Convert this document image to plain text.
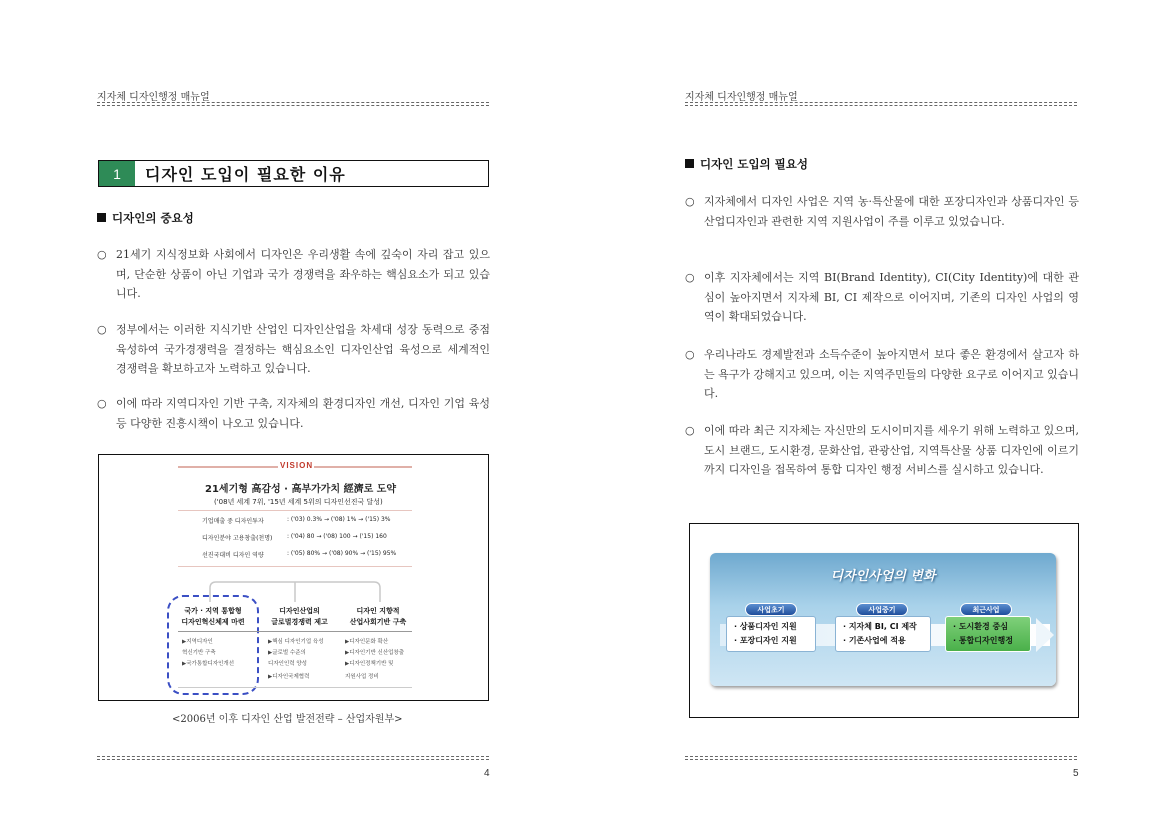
지자체 디자인행정 매뉴얼
1	디자인 도입이 필요한 이유
디자인의 중요성
○ 21세기 지식정보화 사회에서 디자인은 우리생활 속에 깊숙이 자리 잡고 있으며, 단순한 상품이 아닌 기업과 국가 경쟁력을 좌우하는 핵심요소가 되고 있습니다.
○ 정부에서는 이러한 지식기반 산업인 디자인산업을 차세대 성장 동력으로 중점 육성하여 국가경쟁력을 결정하는 핵심요소인 디자인산업 육성으로 세계적인 경쟁력을 확보하고자 노력하고 있습니다.
○ 이에 따라 지역디자인 기반 구축, 지자체의 환경디자인 개선, 디자인 기업 육성 등 다양한 진흥시책이 나오고 있습니다.
VISION
21세기형 高감성 · 高부가가치 經濟로 도약
('08년 세계 7위, '15년 세계 5위의 디자인선진국 달성)
기업매출 중 디자인투자	: ('03) 0.3% → ('08) 1% → ('15) 3%
디자인분야 고용창출(천명) : ('04) 80 → ('08) 100 → ('15) 160
선진국대비 디자인 역량	: ('05) 80% → ('08) 90% → ('15) 95%
국가 · 지역 통합형
디자인혁신체제 마련
디자인산업의
글로벌경쟁력 제고
디자인 지향적
산업사회기반 구축
▶지역디자인
혁신기반 구축
▶국가통합디자인개선
▶핵심 디자인기업 육성
▶글로벌 수준의
디자인인력 양성
▶디자인국제협력
▶디자인문화 확산
▶디자인기반 신산업창출
▶디자인정책기반 및
지원사업 정비
<2006년 이후 디자인 산업 발전전략 – 산업자원부>
4
지자체 디자인행정 매뉴얼
디자인 도입의 필요성
○ 지자체에서 디자인 사업은 지역 농·특산물에 대한 포장디자인과 상품디자인 등 산업디자인과 관련한 지역 지원사업이 주를 이루고 있었습니다.
○ 이후 지자체에서는 지역 BI(Brand Identity), CI(City Identity)에 대한 관심이 높아지면서 지자체 BI, CI 제작으로 이어지며, 기존의 디자인 사업의 영역이 확대되었습니다.
○ 우리나라도 경제발전과 소득수준이 높아지면서 보다 좋은 환경에서 살고자 하는 욕구가 강해지고 있으며, 이는 지역주민들의 다양한 요구로 이어지고 있습니다.
○ 이에 따라 최근 지자체는 자신만의 도시이미지를 세우기 위해 노력하고 있으며, 도시 브랜드, 도시환경, 문화산업, 관광산업, 지역특산물 상품 디자인에 이르기까지 디자인을 접목하여 통합 디자인 행정 서비스를 실시하고 있습니다.
5
디자인사업의 변화
사업초기
· 상품디자인 지원
· 포장디자인 지원
사업중기
· 지자체 BI, CI 제작
· 기존사업에 적용
최근사업
· 도시환경 중심
· 통합디자인행정
